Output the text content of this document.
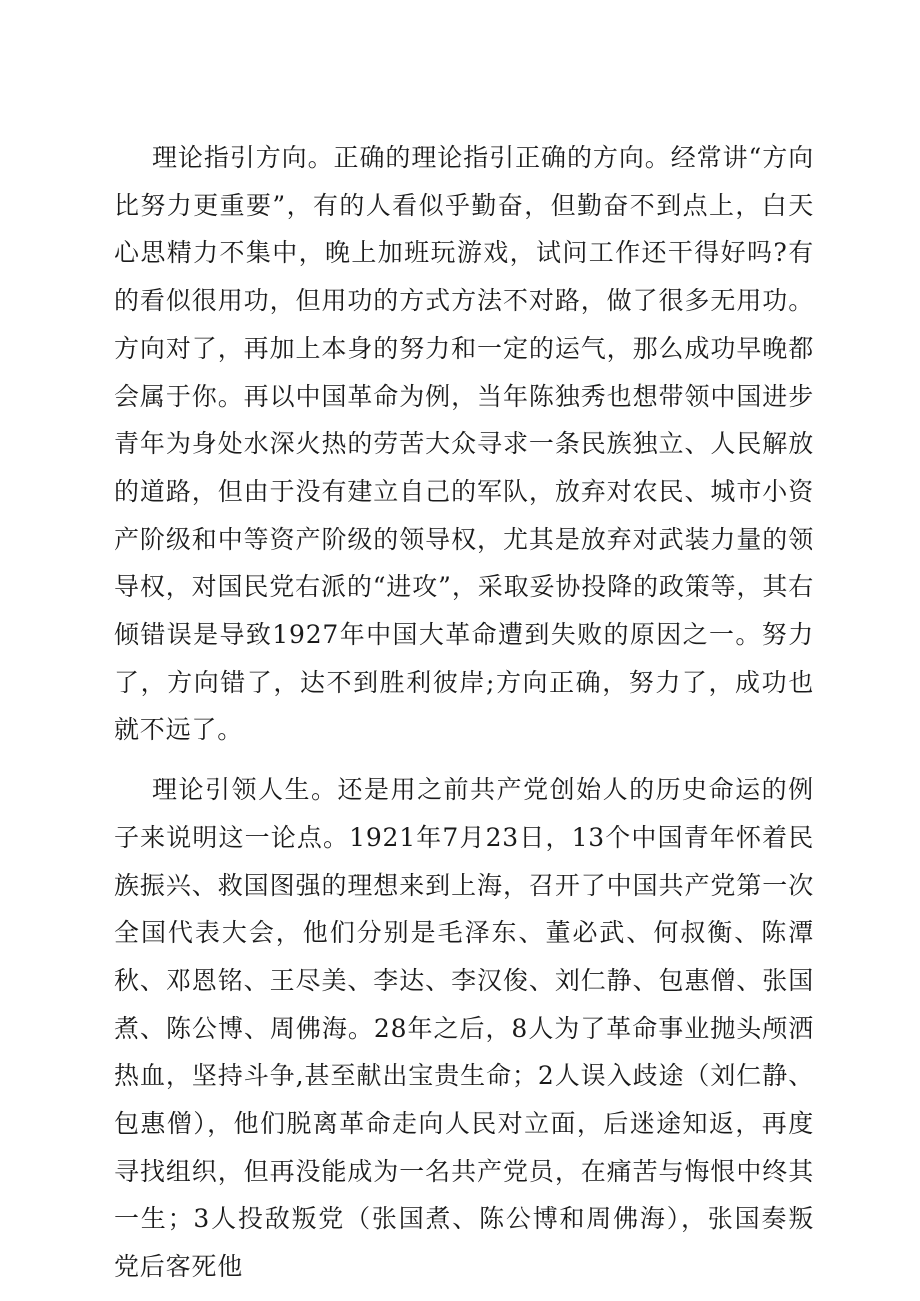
理论指引方向。正确的理论指引正确的方向。经常讲“方向比努力更重要”，有的人看似乎勤奋，但勤奋不到点上，白天心思精力不集中，晚上加班玩游戏，试问工作还干得好吗?有的看似很用功，但用功的方式方法不对路，做了很多无用功。方向对了，再加上本身的努力和一定的运气，那么成功早晚都会属于你。再以中国革命为例，当年陈独秀也想带领中国进步青年为身处水深火热的劳苦大众寻求一条民族独立、人民解放的道路，但由于没有建立自己的军队，放弃对农民、城市小资产阶级和中等资产阶级的领导权，尤其是放弃对武装力量的领导权，对国民党右派的“进攻”，采取妥协投降的政策等，其右倾错误是导致1927年中国大革命遭到失败的原因之一。努力了，方向错了，达不到胜利彼岸;方向正确，努力了，成功也就不远了。

理论引领人生。还是用之前共产党创始人的历史命运的例子来说明这一论点。1921年7月23日，13个中国青年怀着民族振兴、救国图强的理想来到上海，召开了中国共产党第一次全国代表大会，他们分别是毛泽东、董必武、何叔衡、陈潭秋、邓恩铭、王尽美、李达、李汉俊、刘仁静、包惠僧、张国煮、陈公博、周佛海。28年之后，8人为了革命事业抛头颅洒热血，坚持斗争,甚至献出宝贵生命；2人误入歧途（刘仁静、包惠僧），他们脱离革命走向人民对立面，后迷途知返，再度寻找组织，但再没能成为一名共产党员，在痛苦与悔恨中终其一生；3人投敌叛党（张国煮、陈公博和周佛海），张国奏叛党后客死他
